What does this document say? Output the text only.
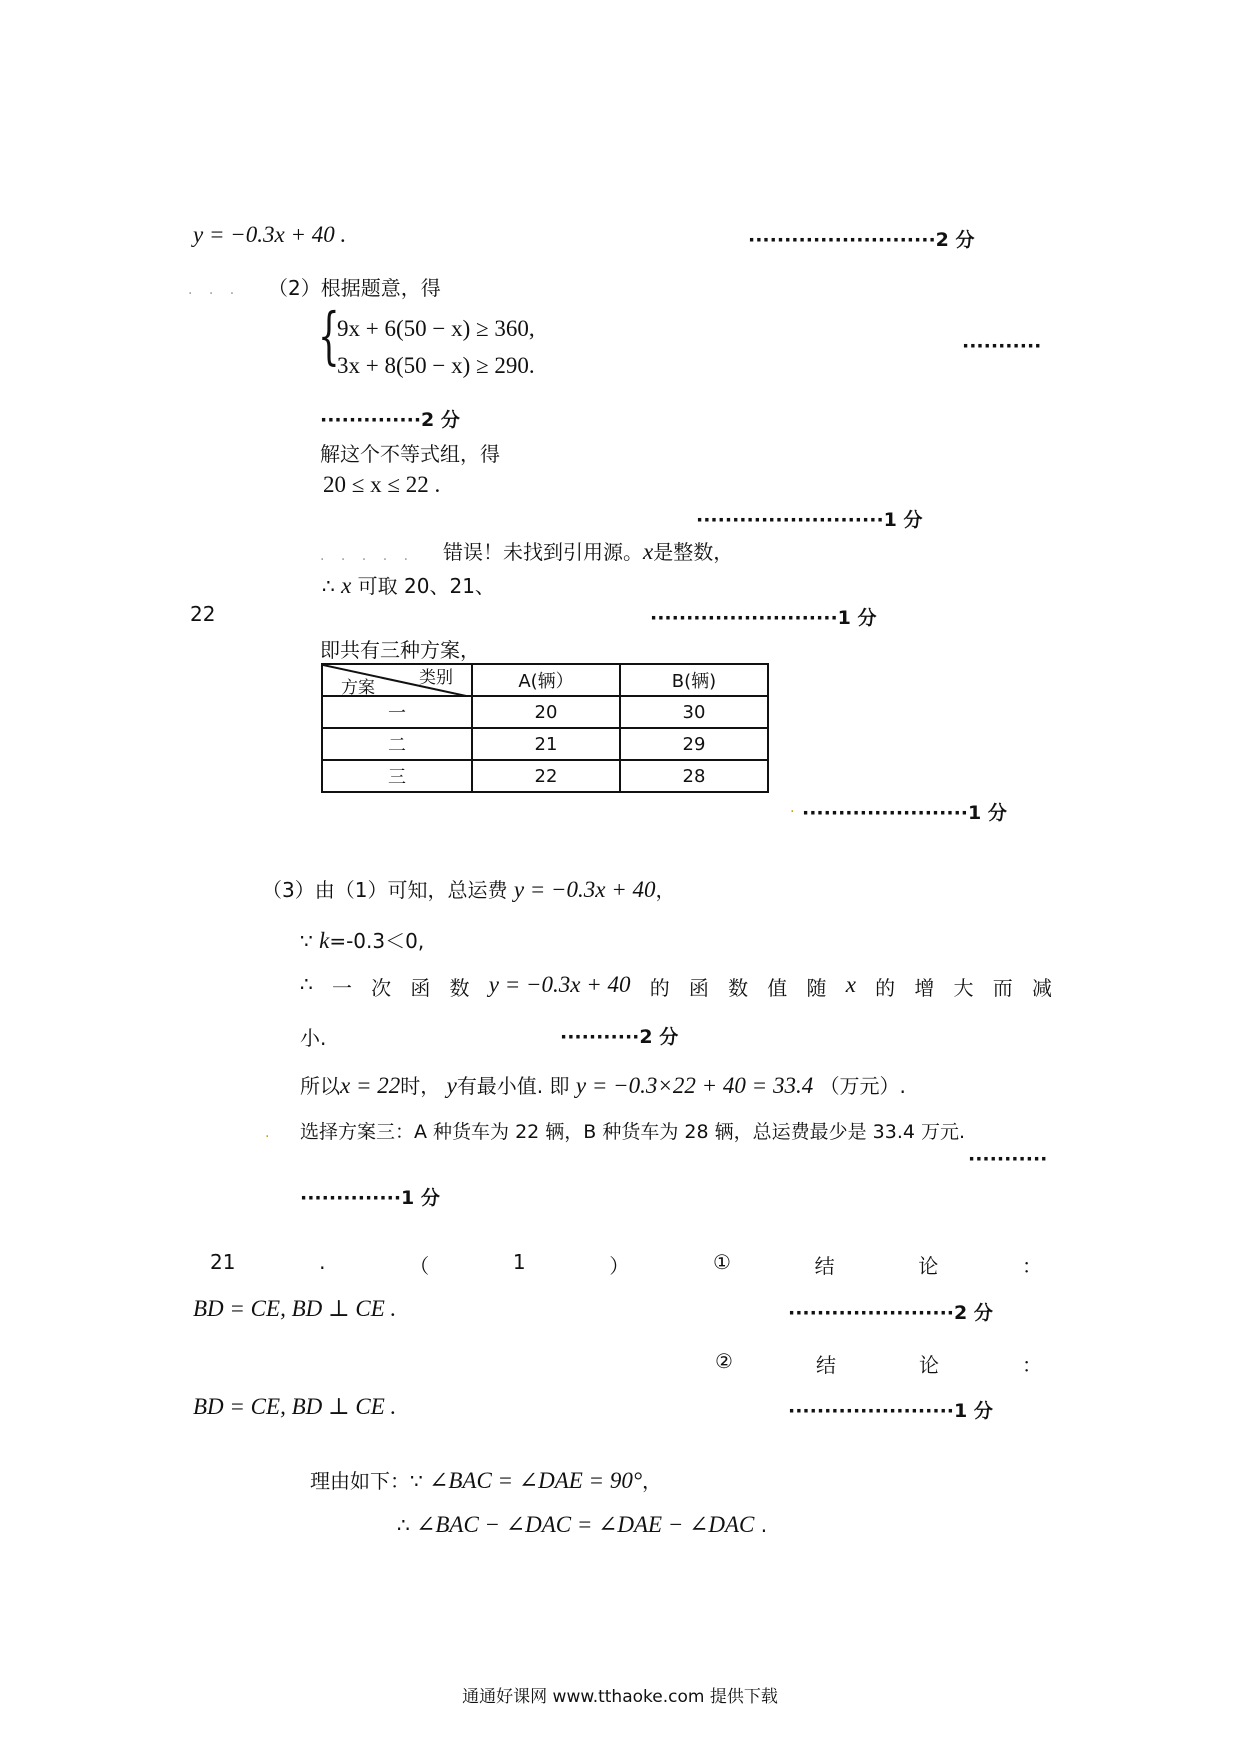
y = −0.3x + 40 .	··························2 分
. . . （2）根据题意，得
{
9x + 6(50 − x) ≥ 360,
3x + 8(50 − x) ≥ 290.
···········
··············2 分
解这个不等式组，得
20 ≤ x ≤ 22 .
··························1 分
. . . . . 错误！未找到引用源。x是整数，
∴ x 可取 20、21、
22	··························1 分
即共有三种方案，
类别
方案	A(辆）	B(辆)
一	20	30
二	21	29
三	22	28
. ·······················1 分
（3）由（1）可知，总运费 y = −0.3x + 40，
∵ k=-0.3＜0,
∴ 一 次 函 数 y = −0.3x + 40 的 函 数 值 随 x 的 增 大 而 减
小.	···········2 分
所以x = 22时， y有最小值. 即 y = −0.3×22 + 40 = 33.4 （万元）.
. 选择方案三：A 种货车为 22 辆，B 种货车为 28 辆，总运费最少是 33.4 万元.
···········
··············1 分
21	.	（	1	）	①	结	论	：
BD = CE, BD ⊥ CE .	·······················2 分
②	结	论	：
BD = CE, BD ⊥ CE .	·······················1 分
理由如下：∵ ∠BAC = ∠DAE = 90°，
∴ ∠BAC − ∠DAC = ∠DAE − ∠DAC .
通通好课网 www.tthaoke.com 提供下载
